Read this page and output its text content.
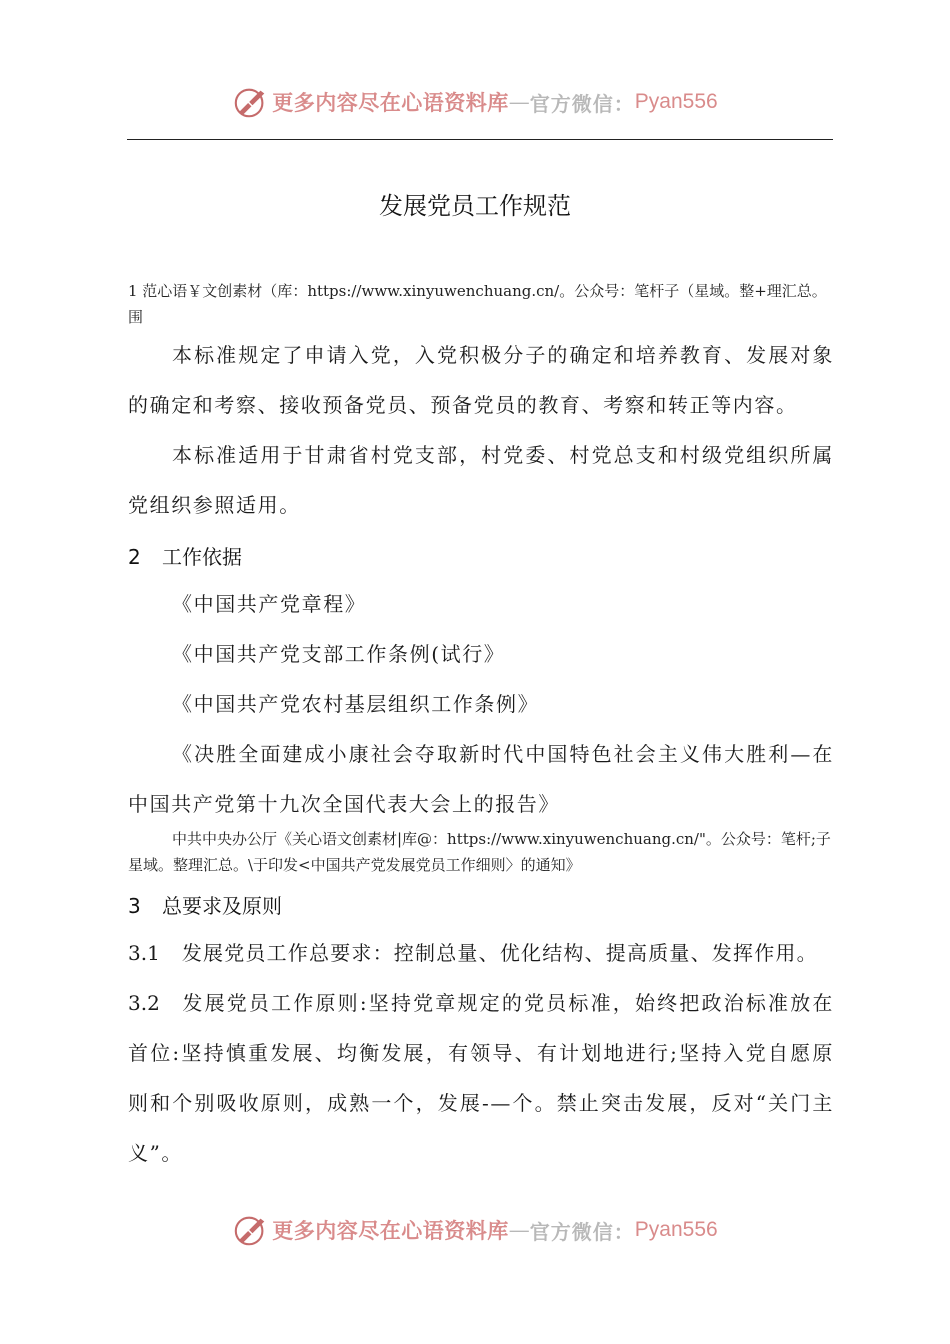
更多内容尽在心语资料库 — 官方微信： Pyan556
发展党员工作规范
1 范心语￥文创素材（库：https://www.xinyuwenchuang.cn/。公众号：笔杆子（星域。整+理汇总。围
本标准规定了申请入党，入党积极分子的确定和培养教育、发展对象的确定和考察、接收预备党员、预备党员的教育、考察和转正等内容。
本标准适用于甘肃省村党支部，村党委、村党总支和村级党组织所属党组织参照适用。
2 工作依据
《中国共产党章程》
《中国共产党支部工作条例(试行》
《中国共产党农村基层组织工作条例》
《决胜全面建成小康社会夺取新时代中国特色社会主义伟大胜利—在中国共产党第十九次全国代表大会上的报告》
中共中央办公厅《关心语文创素材|库@：https://www.xinyuwenchuang.cn/"。公众号：笔杆;子星域。整理汇总。\于印发<中国共产党发展党员工作细则〉的通知》
3 总要求及原则
3.1 发展党员工作总要求：控制总量、优化结构、提高质量、发挥作用。
3.2 发展党员工作原则:坚持党章规定的党员标准，始终把政治标准放在首位:坚持慎重发展、均衡发展，有领导、有计划地进行;坚持入党自愿原则和个别吸收原则，成熟一个，发展-—个。禁止突击发展，反对“关门主义”。
更多内容尽在心语资料库 — 官方微信： Pyan556
